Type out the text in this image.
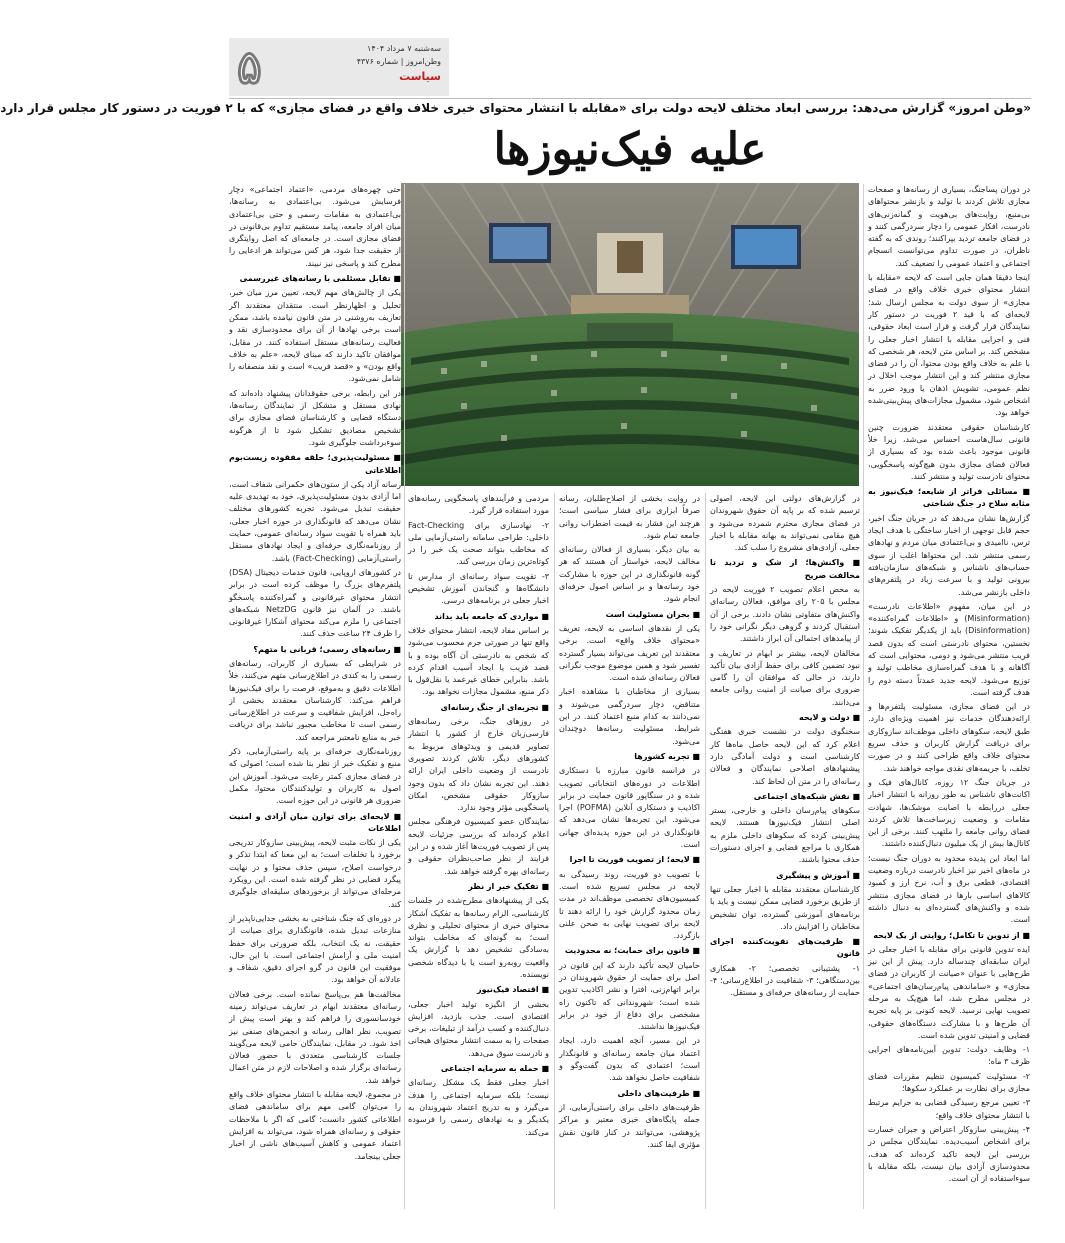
۵	سه‌شنبه ۷ مرداد ۱۴۰۴
وطن‌امروز | شماره ۴۳۷۶
سیاست
«وطن امروز» گزارش می‌دهد: بررسی ابعاد مختلف لایحه دولت برای «مقابله با انتشار محتوای خبری خلاف واقع در فضای مجازی» که با ۲ فوریت در دستور کار مجلس قرار دارد
علیه فیک‌نیوزها

در دوران پساجنگ، بسیاری از رسانه‌ها و صفحات مجازی تلاش کردند با تولید و بازنشر محتواهای بی‌منبع، روایت‌های بی‌هویت و گمانه‌زنی‌های نادرست، افکار عمومی را دچار سردرگمی کنند و در فضای جامعه تردید بپراکنند؛ روندی که به گفته ناظران، در صورت تداوم می‌توانست انسجام اجتماعی و اعتماد عمومی را تضعیف کند.

اینجا دقیقا همان جایی است که لایحه «مقابله با انتشار محتوای خبری خلاف واقع در فضای مجازی» از سوی دولت به مجلس ارسال شد؛ لایحه‌ای که با قید ۲ فوریت در دستور کار نمایندگان قرار گرفت و قرار است ابعاد حقوقی، فنی و اجرایی مقابله با انتشار اخبار جعلی را مشخص کند. بر اساس متن لایحه، هر شخصی که با علم به خلاف واقع بودن محتوا، آن را در فضای مجازی منتشر کند و این انتشار موجب اخلال در نظم عمومی، تشویش اذهان یا ورود ضرر به اشخاص شود، مشمول مجازات‌های پیش‌بینی‌شده خواهد بود.

کارشناسان حقوقی معتقدند ضرورت چنین قانونی سال‌هاست احساس می‌شد، زیرا خلأ قانونی موجود باعث شده بود که بسیاری از فعالان فضای مجازی بدون هیچ‌گونه پاسخگویی، محتوای نادرست تولید و منتشر کنند.

■ مسائلی فراتر از شایعه؛ فیک‌نیوز به مثابه سلاح در جنگ شناختی

گزارش‌ها نشان می‌دهد که در جریان جنگ اخیر، حجم قابل توجهی از اخبار ساختگی با هدف ایجاد ترس، ناامیدی و بی‌اعتمادی میان مردم و نهادهای رسمی منتشر شد. این محتواها اغلب از سوی حساب‌های ناشناس و شبکه‌های سازمان‌یافته بیرونی تولید و با سرعت زیاد در پلتفرم‌های داخلی بازنشر می‌شد.

در این میان، مفهوم «اطلاعات نادرست» (Misinformation) و «اطلاعات گمراه‌کننده» (Disinformation) باید از یکدیگر تفکیک شوند؛ نخستین، محتوای نادرستی است که بدون قصد فریب منتشر می‌شود و دومی، محتوایی است که آگاهانه و با هدف گمراه‌سازی مخاطب تولید و توزیع می‌شود. لایحه جدید عمدتاً دسته دوم را هدف گرفته است.

در این فضای مجازی، مسئولیت پلتفرم‌ها و ارائه‌دهندگان خدمات نیز اهمیت ویژه‌ای دارد. طبق لایحه، سکوهای داخلی موظف‌اند سازوکاری برای دریافت گزارش کاربران و حذف سریع محتوای خلاف واقع طراحی کنند و در صورت تخلف، با جریمه‌های نقدی مواجه خواهند شد.

در جریان جنگ ۱۲ روزه، کانال‌های فیک و اکانت‌های ناشناس به طور روزانه با انتشار اخبار جعلی دررابطه با اصابت موشک‌ها، شهادت مقامات و وضعیت زیرساخت‌ها تلاش کردند فضای روانی جامعه را ملتهب کنند. برخی از این کانال‌ها بیش از یک میلیون دنبال‌کننده داشتند.

اما ابعاد این پدیده محدود به دوران جنگ نیست؛ در ماه‌های اخیر نیز اخبار نادرست درباره وضعیت اقتصادی، قطعی برق و آب، نرخ ارز و کمبود کالاهای اساسی بارها در فضای مجازی منتشر شده و واکنش‌های گسترده‌ای به دنبال داشته است.

■ از تدوین تا تکامل؛ روایتی از یک لایحه

ایده تدوین قانونی برای مقابله با اخبار جعلی در ایران سابقه‌ای چندساله دارد. پیش از این نیز طرح‌هایی با عنوان «صیانت از کاربران در فضای مجازی» و «ساماندهی پیام‌رسان‌های اجتماعی» در مجلس مطرح شد، اما هیچ‌یک به مرحله تصویب نهایی نرسید. لایحه کنونی بر پایه تجربه آن طرح‌ها و با مشارکت دستگاه‌های حقوقی، قضایی و امنیتی تدوین شده است.

۱- وظایف دولت: تدوین آیین‌نامه‌های اجرایی ظرف ۳ ماه؛

۲- مسئولیت کمیسیون تنظیم مقررات فضای مجازی برای نظارت بر عملکرد سکوها؛

۳- تعیین مرجع رسیدگی قضایی به جرایم مرتبط با انتشار محتوای خلاف واقع؛

۴- پیش‌بینی سازوکار اعتراض و جبران خسارت برای اشخاص آسیب‌دیده. نمایندگان مجلس در بررسی این لایحه تاکید کرده‌اند که هدف، محدودسازی آزادی بیان نیست، بلکه مقابله با سوءاستفاده از آن است.

در گزارش‌های دولتی این لایحه، اصولی ترسیم شده که بر پایه آن حقوق شهروندان در فضای مجازی محترم شمرده می‌شود و هیچ مقامی نمی‌تواند به بهانه مقابله با اخبار جعلی، آزادی‌های مشروع را سلب کند.

■ واکنش‌ها؛ از شک و تردید تا مخالفت صریح

به محض اعلام تصویب ۲ فوریت لایحه در مجلس با ۲۰۵ رای موافق، فعالان رسانه‌ای واکنش‌های متفاوتی نشان دادند. برخی از آن استقبال کردند و گروهی دیگر نگرانی خود را از پیامدهای احتمالی آن ابراز داشتند.

مخالفان لایحه، بیشتر بر ابهام در تعاریف و نبود تضمین کافی برای حفظ آزادی بیان تأکید دارند، در حالی که موافقان آن را گامی ضروری برای صیانت از امنیت روانی جامعه می‌دانند.

■ دولت و لایحه

سخنگوی دولت در نشست خبری هفتگی اعلام کرد که این لایحه حاصل ماه‌ها کار کارشناسی است و دولت آمادگی دارد پیشنهادهای اصلاحی نمایندگان و فعالان رسانه‌ای را در متن آن لحاظ کند.

■ نقش شبکه‌های اجتماعی

سکوهای پیام‌رسان داخلی و خارجی، بستر اصلی انتشار فیک‌نیوزها هستند. لایحه پیش‌بینی کرده که سکوهای داخلی ملزم به همکاری با مراجع قضایی و اجرای دستورات حذف محتوا باشند.

■ آموزش و پیشگیری

کارشناسان معتقدند مقابله با اخبار جعلی تنها از طریق برخورد قضایی ممکن نیست و باید با برنامه‌های آموزشی گسترده، توان تشخیص مخاطبان را افزایش داد.

■ ظرفیت‌های تقویت‌کننده اجرای قانون

۱- پشتیبانی تخصصی؛ ۲- همکاری بین‌دستگاهی؛ ۳- شفافیت در اطلاع‌رسانی؛ ۴- حمایت از رسانه‌های حرفه‌ای و مستقل.

در روایت بخشی از اصلاح‌طلبان، رسانه صرفاً ابزاری برای فشار سیاسی است؛ هرچند این فشار به قیمت اضطراب روانی جامعه تمام شود.

به بیان دیگر، بسیاری از فعالان رسانه‌ای مخالف لایحه، خواستار آن هستند که هر گونه قانونگذاری در این حوزه با مشارکت خود رسانه‌ها و بر اساس اصول حرفه‌ای انجام شود.

■ بحران مسئولیت است

یکی از نقدهای اساسی به لایحه، تعریف «محتوای خلاف واقع» است. برخی معتقدند این تعریف می‌تواند بسیار گسترده تفسیر شود و همین موضوع موجب نگرانی فعالان رسانه‌ای شده است.

بسیاری از مخاطبان با مشاهده اخبار متناقض، دچار سردرگمی می‌شوند و نمی‌دانند به کدام منبع اعتماد کنند. در این شرایط، مسئولیت رسانه‌ها دوچندان می‌شود.

■ تجربه کشورها

در فرانسه قانون مبارزه با دستکاری اطلاعات در دوره‌های انتخاباتی تصویب شده و در سنگاپور قانون حمایت در برابر اکاذیب و دستکاری آنلاین (POFMA) اجرا می‌شود. این تجربه‌ها نشان می‌دهد که قانونگذاری در این حوزه پدیده‌ای جهانی است.

■ لایحه؛ از تصویب فوریت تا اجرا

با تصویب دو فوریت، روند رسیدگی به لایحه در مجلس تسریع شده است. کمیسیون‌های تخصصی موظف‌اند در مدت زمان محدود گزارش خود را ارائه دهند تا لایحه برای تصویب نهایی به صحن علنی بازگردد.

■ قانون برای حمایت؛ نه محدودیت

حامیان لایحه تأکید دارند که این قانون در اصل برای حمایت از حقوق شهروندان در برابر اتهام‌زنی، افترا و نشر اکاذیب تدوین شده است؛ شهروندانی که تاکنون راه مشخصی برای دفاع از خود در برابر فیک‌نیوزها نداشتند.

در این مسیر، آنچه اهمیت دارد، ایجاد اعتماد میان جامعه رسانه‌ای و قانونگذار است؛ اعتمادی که بدون گفت‌وگو و شفافیت حاصل نخواهد شد.

■ ظرفیت‌های داخلی

ظرفیت‌های داخلی برای راستی‌آزمایی، از جمله پایگاه‌های خبری معتبر و مراکز پژوهشی، می‌توانند در کنار قانون نقش مؤثری ایفا کنند.

مردمی و فرآیندهای پاسخگویی رسانه‌های مورد استفاده قرار گیرد.

۲- نهادسازی برای Fact-Checking داخلی: طراحی سامانه راستی‌آزمایی ملی که مخاطب بتواند صحت یک خبر را در کوتاه‌ترین زمان بررسی کند.

۳- تقویت سواد رسانه‌ای از مدارس تا دانشگاه‌ها و گنجاندن آموزش تشخیص اخبار جعلی در برنامه‌های درسی.

■ مواردی که جامعه باید بداند

بر اساس مفاد لایحه، انتشار محتوای خلاف واقع تنها در صورتی جرم محسوب می‌شود که شخص به نادرستی آن آگاه بوده و با قصد فریب یا ایجاد آسیب اقدام کرده باشد. بنابراین خطای غیرعمد یا نقل‌قول با ذکر منبع، مشمول مجازات نخواهد بود.

■ تجربه‌ای از جنگ رسانه‌ای

در روزهای جنگ، برخی رسانه‌های فارسی‌زبان خارج از کشور با انتشار تصاویر قدیمی و ویدئوهای مربوط به کشورهای دیگر، تلاش کردند تصویری نادرست از وضعیت داخلی ایران ارائه دهند. این تجربه نشان داد که بدون وجود سازوکار حقوقی مشخص، امکان پاسخگویی مؤثر وجود ندارد.

نمایندگان عضو کمیسیون فرهنگی مجلس اعلام کرده‌اند که بررسی جزئیات لایحه پس از تصویب فوریت‌ها آغاز شده و در این فرایند از نظر صاحب‌نظران حقوقی و رسانه‌ای بهره گرفته خواهد شد.

■ تفکیک خبر از نظر

یکی از پیشنهادهای مطرح‌شده در جلسات کارشناسی، الزام رسانه‌ها به تفکیک آشکار محتوای خبری از محتوای تحلیلی و نظری است؛ به گونه‌ای که مخاطب بتواند به‌سادگی تشخیص دهد با گزارش یک واقعیت روبه‌رو است یا با دیدگاه شخصی نویسنده.

■ اقتصاد فیک‌نیوز

بخشی از انگیزه تولید اخبار جعلی، اقتصادی است. جذب بازدید، افزایش دنبال‌کننده و کسب درآمد از تبلیغات، برخی صفحات را به سمت انتشار محتوای هیجانی و نادرست سوق می‌دهد.

■ حمله به سرمایه اجتماعی

اخبار جعلی فقط یک مشکل رسانه‌ای نیست؛ بلکه سرمایه اجتماعی را هدف می‌گیرد و به تدریج اعتماد شهروندان به یکدیگر و به نهادهای رسمی را فرسوده می‌کند.

حتی چهره‌های مردمی، «اعتماد اجتماعی» دچار فرسایش می‌شود. بی‌اعتمادی به رسانه‌ها، بی‌اعتمادی به مقامات رسمی و حتی بی‌اعتمادی میان افراد جامعه، پیامد مستقیم تداوم بی‌قانونی در فضای مجازی است. در جامعه‌ای که اصل روایتگری از حقیقت جدا شود، هر کس می‌تواند هر ادعایی را مطرح کند و پاسخی نیز نبیند.

■ تقابل مسئلمی با رسانه‌های غیررسمی

یکی از چالش‌های مهم لایحه، تعیین مرز میان خبر، تحلیل و اظهارنظر است. منتقدان معتقدند اگر تعاریف به‌روشنی در متن قانون نیامده باشد، ممکن است برخی نهادها از آن برای محدودسازی نقد و فعالیت رسانه‌های مستقل استفاده کنند. در مقابل، موافقان تاکید دارند که مبنای لایحه، «علم به خلاف واقع بودن» و «قصد فریب» است و نقد منصفانه را شامل نمی‌شود.

در این رابطه، برخی حقوقدانان پیشنهاد داده‌اند که نهادی مستقل و متشکل از نمایندگان رسانه‌ها، دستگاه قضایی و کارشناسان فضای مجازی برای تشخیص مصادیق تشکیل شود تا از هرگونه سوءبرداشت جلوگیری شود.

■ مسئولیت‌پذیری؛ حلقه مفقوده زیست‌بوم اطلاعاتی

رسانه آزاد یکی از ستون‌های حکمرانی شفاف است، اما آزادی بدون مسئولیت‌پذیری، خود به تهدیدی علیه حقیقت تبدیل می‌شود. تجربه کشورهای مختلف نشان می‌دهد که قانونگذاری در حوزه اخبار جعلی، باید همراه با تقویت سواد رسانه‌ای عمومی، حمایت از روزنامه‌نگاری حرفه‌ای و ایجاد نهادهای مستقل راستی‌آزمایی (Fact-Checking) باشد.

در کشورهای اروپایی، قانون خدمات دیجیتال (DSA) پلتفرم‌های بزرگ را موظف کرده است در برابر انتشار محتوای غیرقانونی و گمراه‌کننده پاسخگو باشند. در آلمان نیز قانون NetzDG شبکه‌های اجتماعی را ملزم می‌کند محتوای آشکارا غیرقانونی را ظرف ۲۴ ساعت حذف کنند.

■ رسانه‌های رسمی؛ قربانی یا متهم؟

در شرایطی که بسیاری از کاربران، رسانه‌های رسمی را به کندی در اطلاع‌رسانی متهم می‌کنند، خلأ اطلاعات دقیق و به‌موقع، فرصت را برای فیک‌نیوزها فراهم می‌کند. کارشناسان معتقدند بخشی از راه‌حل، افزایش شفافیت و سرعت در اطلاع‌رسانی رسمی است تا مخاطب مجبور نباشد برای دریافت خبر به منابع نامعتبر مراجعه کند.

روزنامه‌نگاری حرفه‌ای بر پایه راستی‌آزمایی، ذکر منبع و تفکیک خبر از نظر بنا شده است؛ اصولی که در فضای مجازی کمتر رعایت می‌شود. آموزش این اصول به کاربران و تولیدکنندگان محتوا، مکمل ضروری هر قانونی در این حوزه است.

■ لایحه‌ای برای توازن میان آزادی و امنیت اطلاعات

یکی از نکات مثبت لایحه، پیش‌بینی سازوکار تدریجی برخورد با تخلفات است؛ به این معنا که ابتدا تذکر و درخواست اصلاح، سپس حذف محتوا و در نهایت پیگرد قضایی در نظر گرفته شده است. این رویکرد مرحله‌ای می‌تواند از برخوردهای سلیقه‌ای جلوگیری کند.

در دوره‌ای که جنگ شناختی به بخشی جدایی‌ناپذیر از منازعات تبدیل شده، قانونگذاری برای صیانت از حقیقت، نه یک انتخاب، بلکه ضرورتی برای حفظ امنیت ملی و آرامش اجتماعی است. با این حال، موفقیت این قانون در گرو اجرای دقیق، شفاف و عادلانه آن خواهد بود.

مخالفت‌ها هم بی‌پاسخ نمانده است. برخی فعالان رسانه‌ای معتقدند ابهام در تعاریف می‌تواند زمینه خودسانسوری را فراهم کند و بهتر است پیش از تصویب، نظر اهالی رسانه و انجمن‌های صنفی نیز اخذ شود. در مقابل، نمایندگان حامی لایحه می‌گویند جلسات کارشناسی متعددی با حضور فعالان رسانه‌ای برگزار شده و اصلاحات لازم در متن اعمال خواهد شد.

در مجموع، لایحه مقابله با انتشار محتوای خلاف واقع را می‌توان گامی مهم برای ساماندهی فضای اطلاعاتی کشور دانست؛ گامی که اگر با ملاحظات حقوقی و رسانه‌ای همراه شود، می‌تواند به افزایش اعتماد عمومی و کاهش آسیب‌های ناشی از اخبار جعلی بینجامد.
